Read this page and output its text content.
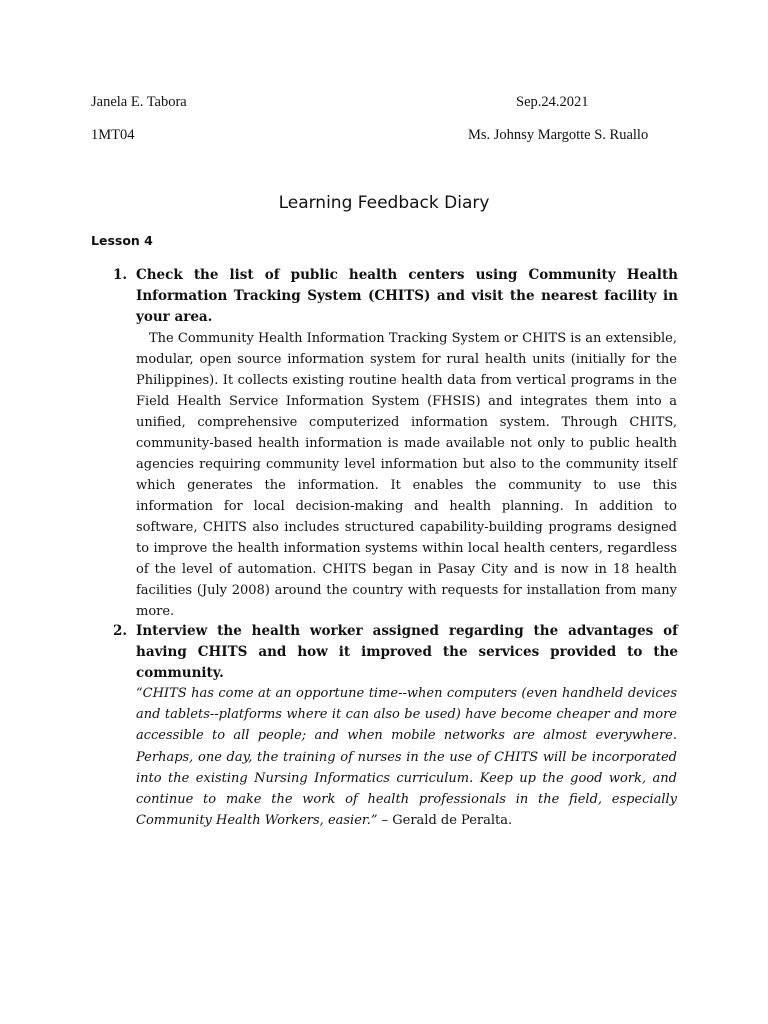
Janela E. Tabora	Sep.24.2021
1MT04	Ms. Johnsy Margotte S. Ruallo
Learning Feedback Diary
Lesson 4
1. Check the list of public health centers using Community Health Information Tracking System (CHITS) and visit the nearest facility in your area.
The Community Health Information Tracking System or CHITS is an extensible, modular, open source information system for rural health units (initially for the Philippines). It collects existing routine health data from vertical programs in the Field Health Service Information System (FHSIS) and integrates them into a unified, comprehensive computerized information system. Through CHITS, community-based health information is made available not only to public health agencies requiring community level information but also to the community itself which generates the information. It enables the community to use this information for local decision-making and health planning. In addition to software, CHITS also includes structured capability-building programs designed to improve the health information systems within local health centers, regardless of the level of automation. CHITS began in Pasay City and is now in 18 health facilities (July 2008) around the country with requests for installation from many more.
2. Interview the health worker assigned regarding the advantages of having CHITS and how it improved the services provided to the community.
“CHITS has come at an opportune time--when computers (even handheld devices and tablets--platforms where it can also be used) have become cheaper and more accessible to all people; and when mobile networks are almost everywhere. Perhaps, one day, the training of nurses in the use of CHITS will be incorporated into the existing Nursing Informatics curriculum. Keep up the good work, and continue to make the work of health professionals in the field, especially Community Health Workers, easier.” – Gerald de Peralta.
